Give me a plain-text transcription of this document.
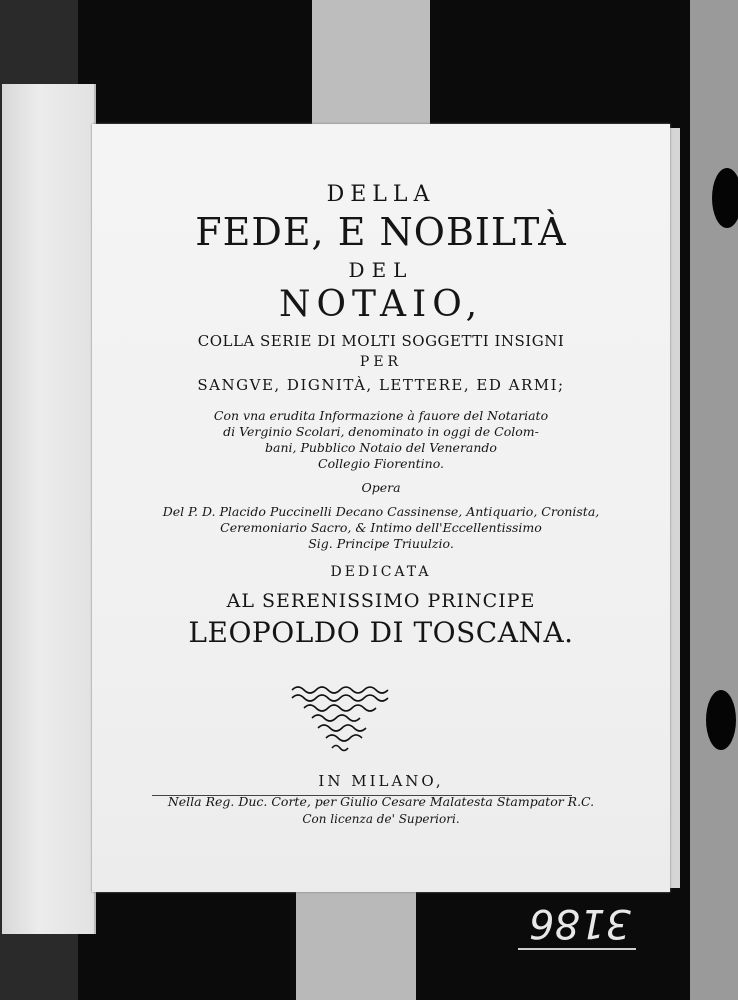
DELLA
FEDE, E NOBILTÀ
DEL
NOTAIO,
COLLA SERIE DI MOLTI SOGGETTI INSIGNI
PER
SANGVE, DIGNITÀ, LETTERE, ED ARMI;
Con vna erudita Informazione à fauore del Notariato
di Verginio Scolari, denominato in oggi de Colom-
bani, Pubblico Notaio del Venerando
Collegio Fiorentino.
Opera
Del P. D. Placido Puccinelli Decano Cassinense, Antiquario, Cronista,
Ceremoniario Sacro, & Intimo dell'Eccellentissimo
Sig. Principe Triuulzio.
DEDICATA
AL SERENISSIMO PRINCIPE
LEOPOLDO DI TOSCANA.
IN MILANO,
Nella Reg. Duc. Corte, per Giulio Cesare Malatesta Stampator R.C.
Con licenza de' Superiori.
3186
